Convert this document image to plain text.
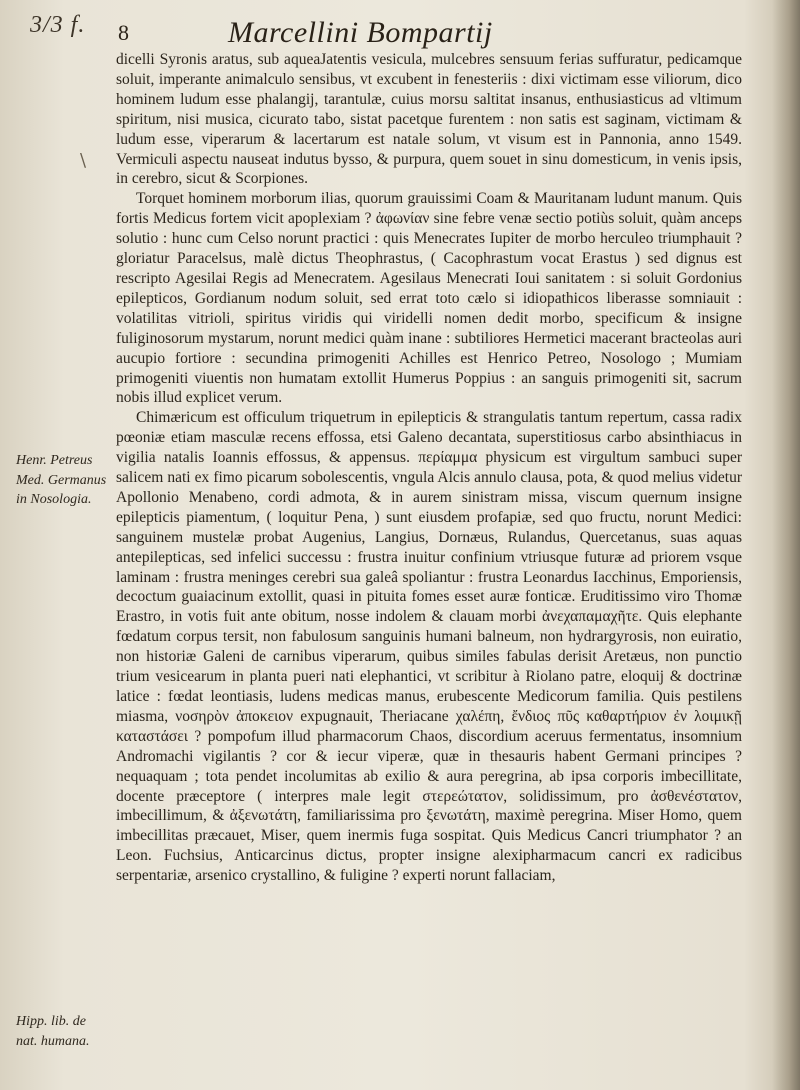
3/3 f. 8	Marcellini Bompartij
\
Henr. Petreus Med. Germanus in Nosologia.
Hipp. lib. de nat. humana.

dicelli Syronis aratus, sub aqueaJatentis vesicula, mulcebres sensuum ferias suffuratur, pedicamque soluit, imperante animalculo sensibus, vt excubent in fenesteriis : dixi victimam esse viliorum, dico hominem ludum esse phalangij, tarantulæ, cuius morsu saltitat insanus, enthusiasticus ad vltimum spiritum, nisi musica, cicurato tabo, sistat pacetque furentem : non satis est saginam, victimam & ludum esse, viperarum & lacertarum est natale solum, vt visum est in Pannonia, anno 1549. Vermiculi aspectu nauseat indutus bysso, & purpura, quem souet in sinu domesticum, in venis ipsis, in cerebro, sicut & Scorpiones.

Torquet hominem morborum ilias, quorum grauissimi Coam & Mauritanam ludunt manum. Quis fortis Medicus fortem vicit apoplexiam ? ἀφωνίαν sine febre venæ sectio potiùs soluit, quàm anceps solutio : hunc cum Celso norunt practici : quis Menecrates Iupiter de morbo herculeo triumphauit ? gloriatur Paracelsus, malè dictus Theophrastus, ( Cacophrastum vocat Erastus ) sed dignus est rescripto Agesilai Regis ad Menecratem. Agesilaus Menecrati Ioui sanitatem : si soluit Gordonius epilepticos, Gordianum nodum soluit, sed errat toto cælo si idiopathicos liberasse somniauit : volatilitas vitrioli, spiritus viridis qui viridelli nomen dedit morbo, specificum & insigne fuliginosorum mystarum, norunt medici quàm inane : subtiliores Hermetici macerant bracteolas auri aucupio fortiore : secundina primogeniti Achilles est Henrico Petreo, Nosologo ; Mumiam primogeniti viuentis non humatam extollit Humerus Poppius : an sanguis primogeniti sit, sacrum nobis illud explicet verum.

Chimæricum est officulum triquetrum in epilepticis & strangulatis tantum repertum, cassa radix pœoniæ etiam masculæ recens effossa, etsi Galeno decantata, superstitiosus carbo absinthiacus in vigilia natalis Ioannis effossus, & appensus. περίαμμα physicum est virgultum sambuci super salicem nati ex fimo picarum sobolescentis, vngula Alcis annulo clausa, pota, & quod melius videtur Apollonio Menabeno, cordi admota, & in aurem sinistram missa, viscum quernum insigne epilepticis piamentum, ( loquitur Pena, ) sunt eiusdem profapiæ, sed quo fructu, norunt Medici: sanguinem mustelæ probat Augenius, Langius, Dornæus, Rulandus, Quercetanus, suas aquas antepilepticas, sed infelici successu : frustra inuitur confinium vtriusque futuræ ad priorem vsque laminam : frustra meninges cerebri sua galeâ spoliantur : frustra Leonardus Iacchinus, Emporiensis, decoctum guaiacinum extollit, quasi in pituita fomes esset auræ fonticæ. Eruditissimo viro Thomæ Erastro, in votis fuit ante obitum, nosse indolem & clauam morbi ἀνεχαπαμαχῆτε. Quis elephante fœdatum corpus tersit, non fabulosum sanguinis humani balneum, non hydrargyrosis, non euiratio, non historiæ Galeni de carnibus viperarum, quibus similes fabulas derisit Aretæus, non punctio trium vesicearum in planta pueri nati elephantici, vt scribitur à Riolano patre, eloquij & doctrinæ latice : fœdat leontiasis, ludens medicas manus, erubescente Medicorum familia. Quis pestilens miasma, νοσηρὸν ἀποκειον expugnauit, Theriacane χαλέπη, ἔνδιος πῦς καθαρτήριον ἐν λοιμικῇ καταστάσει ? pompofum illud pharmacorum Chaos, discordium aceruus fermentatus, insomnium Andromachi vigilantis ? cor & iecur viperæ, quæ in thesauris habent Germani principes ? nequaquam ; tota pendet incolumitas ab exilio & aura peregrina, ab ipsa corporis imbecillitate, docente præceptore ( interpres male legit στερεώτατον, solidissimum, pro ἀσθενέστατον, imbecillimum, & ἀξενωτάτη, familiarissima pro ξενωτάτη, maximè peregrina. Miser Homo, quem imbecillitas præcauet, Miser, quem inermis fuga sospitat. Quis Medicus Cancri triumphator ? an Leon. Fuchsius, Anticarcinus dictus, propter insigne alexipharmacum cancri ex radicibus serpentariæ, arsenico crystallino, & fuligine ? experti norunt fallaciam,
